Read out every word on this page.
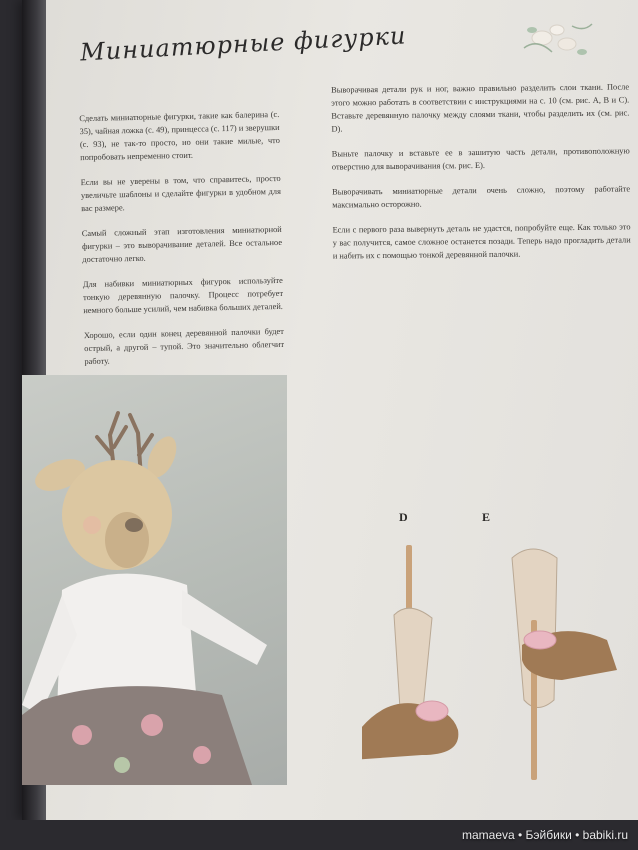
Миниатюрные фигурки

Сделать миниатюрные фигурки, такие как балерина (с. 35), чайная ложка (с. 49), принцесса (с. 117) и зверушки (с. 93), не так-то просто, но они такие милые, что попробовать непременно стоит.

Если вы не уверены в том, что справитесь, просто увеличьте шаблоны и сделайте фигурки в удобном для вас размере.

Самый сложный этап изготовления миниатюрной фигурки – это выворачивание деталей. Все остальное достаточно легко.

Для набивки миниатюрных фигурок используйте тонкую деревянную палочку. Процесс потребует немного больше усилий, чем набивка больших деталей.

Хорошо, если один конец деревянной палочки будет острый, а другой – тупой. Это значительно облегчит работу.

Выворачивая детали рук и ног, важно правильно разделить слои ткани. После этого можно работать в соответствии с инструкциями на с. 10 (см. рис. A, B и C). Вставьте деревянную палочку между слоями ткани, чтобы разделить их (см. рис. D).

Выньте палочку и вставьте ее в зашитую часть детали, противоположную отверстию для выворачивания (см. рис. E).

Выворачивать миниатюрные детали очень сложно, поэтому работайте максимально осторожно.

Если с первого раза вывернуть деталь не удастся, попробуйте еще. Как только это у вас получится, самое сложное останется позади. Теперь надо прогладить детали и набить их с помощью тонкой деревянной палочки.

D	E
mamaeva • Бэйбики • babiki.ru
